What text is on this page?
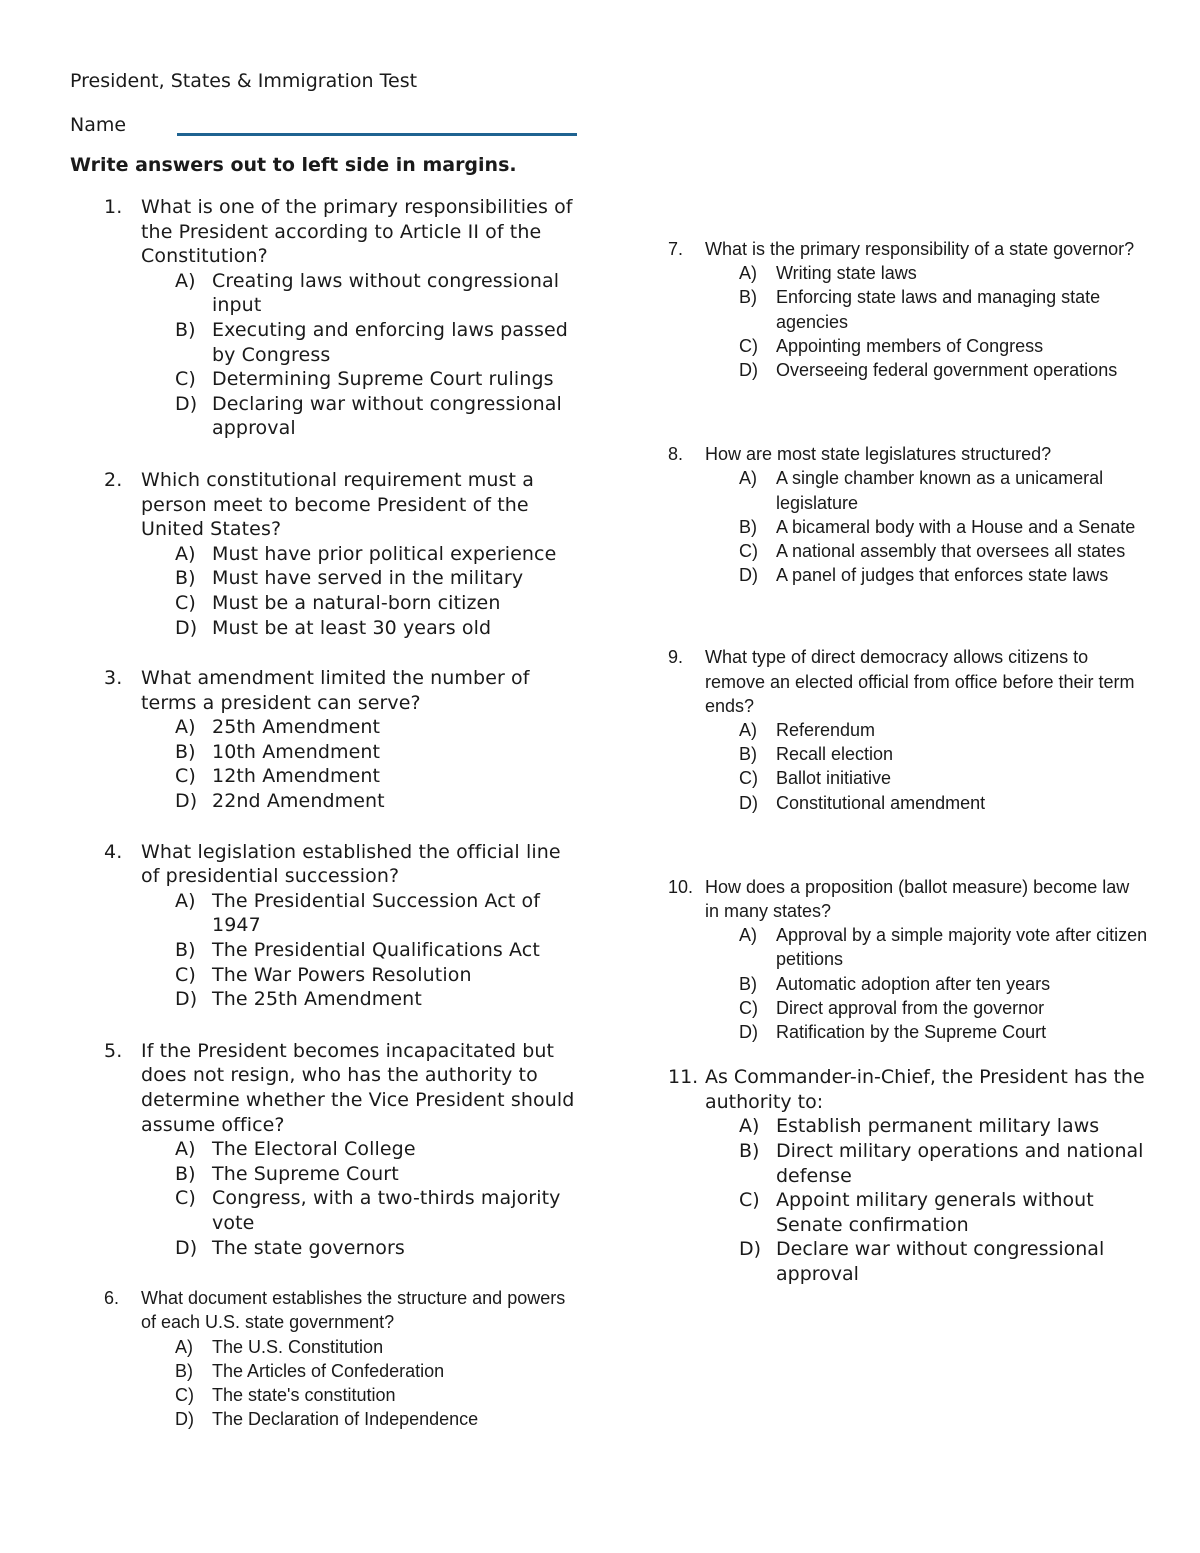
President, States & Immigration Test
Name
Write answers out to left side in margins.
1. What is one of the primary responsibilities of the President according to Article II of the Constitution?
A) Creating laws without congressional input
B) Executing and enforcing laws passed by Congress
C) Determining Supreme Court rulings
D) Declaring war without congressional approval
2. Which constitutional requirement must a person meet to become President of the United States?
A) Must have prior political experience
B) Must have served in the military
C) Must be a natural-born citizen
D) Must be at least 30 years old
3. What amendment limited the number of terms a president can serve?
A) 25th Amendment
B) 10th Amendment
C) 12th Amendment
D) 22nd Amendment
4. What legislation established the official line of presidential succession?
A) The Presidential Succession Act of 1947
B) The Presidential Qualifications Act
C) The War Powers Resolution
D) The 25th Amendment
5. If the President becomes incapacitated but does not resign, who has the authority to determine whether the Vice President should assume office?
A) The Electoral College
B) The Supreme Court
C) Congress, with a two-thirds majority vote
D) The state governors
6. What document establishes the structure and powers of each U.S. state government?
A) The U.S. Constitution
B) The Articles of Confederation
C) The state's constitution
D) The Declaration of Independence
7. What is the primary responsibility of a state governor?
A) Writing state laws
B) Enforcing state laws and managing state agencies
C) Appointing members of Congress
D) Overseeing federal government operations
8. How are most state legislatures structured?
A) A single chamber known as a unicameral legislature
B) A bicameral body with a House and a Senate
C) A national assembly that oversees all states
D) A panel of judges that enforces state laws
9. What type of direct democracy allows citizens to remove an elected official from office before their term ends?
A) Referendum
B) Recall election
C) Ballot initiative
D) Constitutional amendment
10. How does a proposition (ballot measure) become law in many states?
A) Approval by a simple majority vote after citizen petitions
B) Automatic adoption after ten years
C) Direct approval from the governor
D) Ratification by the Supreme Court
11. As Commander-in-Chief, the President has the authority to:
A) Establish permanent military laws
B) Direct military operations and national defense
C) Appoint military generals without Senate confirmation
D) Declare war without congressional approval
